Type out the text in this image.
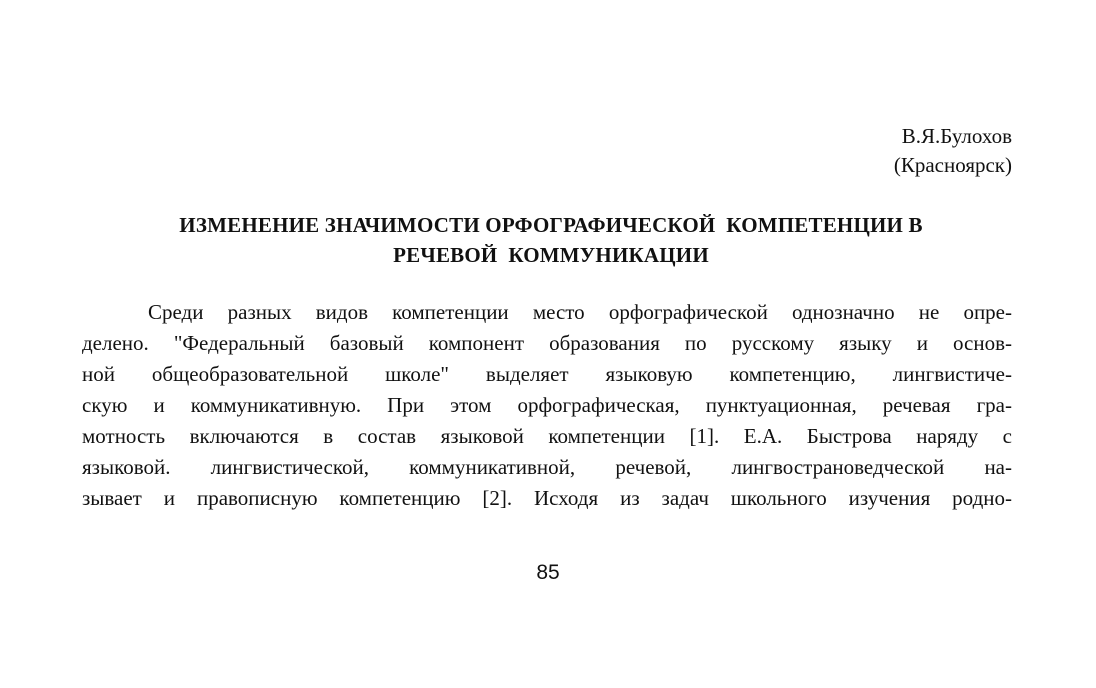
В.Я.Булохов
(Красноярск)
ИЗМЕНЕНИЕ ЗНАЧИМОСТИ ОРФОГРАФИЧЕСКОЙ  КОМПЕТЕНЦИИ В
РЕЧЕВОЙ  КОММУНИКАЦИИ
Среди разных видов компетенции место орфографической однозначно не опре-
делено. "Федеральный базовый компонент образования по русскому языку и основ-
ной общеобразовательной школе" выделяет языковую компетенцию, лингвистиче-
скую и коммуникативную. При этом орфографическая, пунктуационная, речевая гра-
мотность включаются в состав языковой компетенции [1]. Е.А. Быстрова наряду с
языковой. лингвистической, коммуникативной, речевой, лингвострановедческой на-
зывает и правописную компетенцию [2]. Исходя из задач школьного изучения родно-
85
